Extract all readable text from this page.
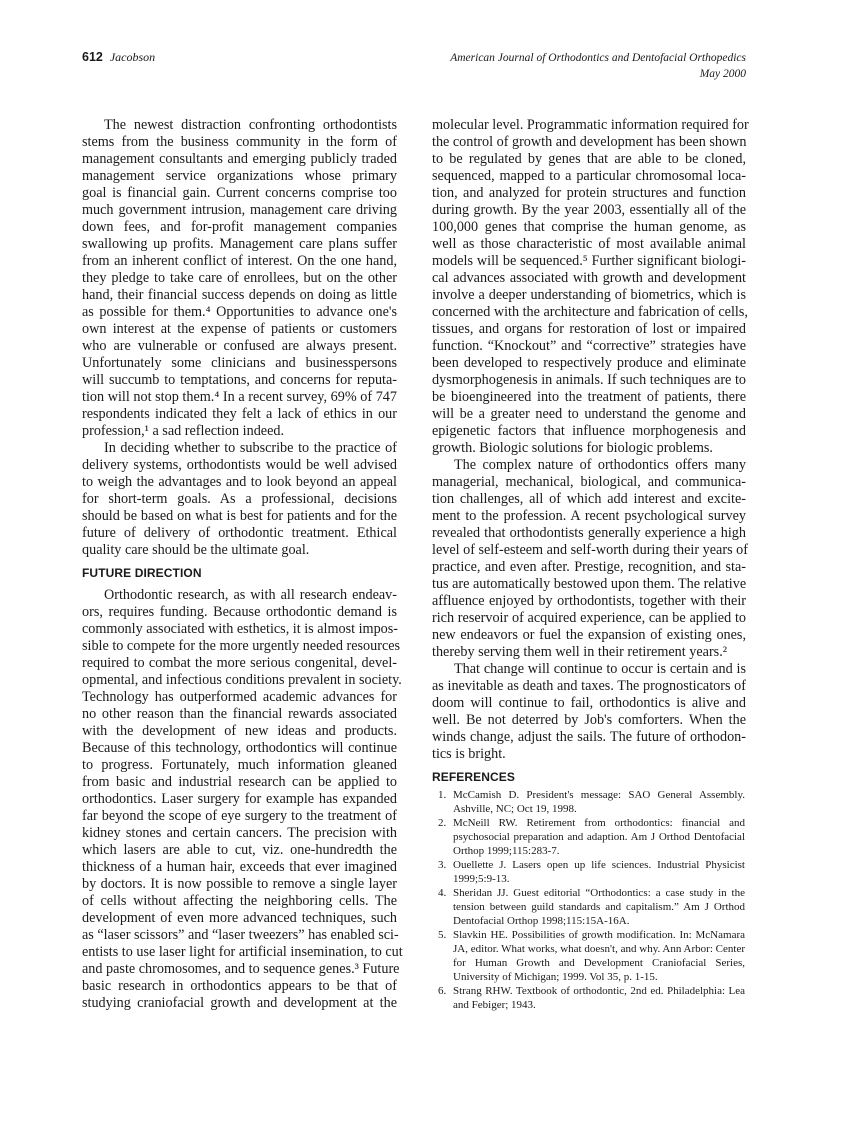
612 Jacobson	American Journal of Orthodontics and Dentofacial Orthopedics
May 2000
The newest distraction confronting orthodontists
stems from the business community in the form of
management consultants and emerging publicly traded
management service organizations whose primary
goal is financial gain. Current concerns comprise too
much government intrusion, management care driving
down fees, and for-profit management companies
swallowing up profits. Management care plans suffer
from an inherent conflict of interest. On the one hand,
they pledge to take care of enrollees, but on the other
hand, their financial success depends on doing as little
as possible for them.⁴ Opportunities to advance one's
own interest at the expense of patients or customers
who are vulnerable or confused are always present.
Unfortunately some clinicians and businesspersons
will succumb to temptations, and concerns for reputa-
tion will not stop them.⁴ In a recent survey, 69% of 747
respondents indicated they felt a lack of ethics in our
profession,¹ a sad reflection indeed.
In deciding whether to subscribe to the practice of
delivery systems, orthodontists would be well advised
to weigh the advantages and to look beyond an appeal
for short-term goals. As a professional, decisions
should be based on what is best for patients and for the
future of delivery of orthodontic treatment. Ethical
quality care should be the ultimate goal.
FUTURE DIRECTION
Orthodontic research, as with all research endeav-
ors, requires funding. Because orthodontic demand is
commonly associated with esthetics, it is almost impos-
sible to compete for the more urgently needed resources
required to combat the more serious congenital, devel-
opmental, and infectious conditions prevalent in society.
Technology has outperformed academic advances for
no other reason than the financial rewards associated
with the development of new ideas and products.
Because of this technology, orthodontics will continue
to progress. Fortunately, much information gleaned
from basic and industrial research can be applied to
orthodontics. Laser surgery for example has expanded
far beyond the scope of eye surgery to the treatment of
kidney stones and certain cancers. The precision with
which lasers are able to cut, viz. one-hundredth the
thickness of a human hair, exceeds that ever imagined
by doctors. It is now possible to remove a single layer
of cells without affecting the neighboring cells. The
development of even more advanced techniques, such
as “laser scissors” and “laser tweezers” has enabled sci-
entists to use laser light for artificial insemination, to cut
and paste chromosomes, and to sequence genes.³ Future
basic research in orthodontics appears to be that of
studying craniofacial growth and development at the
molecular level. Programmatic information required for
the control of growth and development has been shown
to be regulated by genes that are able to be cloned,
sequenced, mapped to a particular chromosomal loca-
tion, and analyzed for protein structures and function
during growth. By the year 2003, essentially all of the
100,000 genes that comprise the human genome, as
well as those characteristic of most available animal
models will be sequenced.⁵ Further significant biologi-
cal advances associated with growth and development
involve a deeper understanding of biometrics, which is
concerned with the architecture and fabrication of cells,
tissues, and organs for restoration of lost or impaired
function. “Knockout” and “corrective” strategies have
been developed to respectively produce and eliminate
dysmorphogenesis in animals. If such techniques are to
be bioengineered into the treatment of patients, there
will be a greater need to understand the genome and
epigenetic factors that influence morphogenesis and
growth. Biologic solutions for biologic problems.
The complex nature of orthodontics offers many
managerial, mechanical, biological, and communica-
tion challenges, all of which add interest and excite-
ment to the profession. A recent psychological survey
revealed that orthodontists generally experience a high
level of self-esteem and self-worth during their years of
practice, and even after. Prestige, recognition, and sta-
tus are automatically bestowed upon them. The relative
affluence enjoyed by orthodontists, together with their
rich reservoir of acquired experience, can be applied to
new endeavors or fuel the expansion of existing ones,
thereby serving them well in their retirement years.²
That change will continue to occur is certain and is
as inevitable as death and taxes. The prognosticators of
doom will continue to fail, orthodontics is alive and
well. Be not deterred by Job's comforters. When the
winds change, adjust the sails. The future of orthodon-
tics is bright.
REFERENCES
1. McCamish D. President's message: SAO General Assembly. Ashville, NC; Oct 19, 1998.
2. McNeill RW. Retirement from orthodontics: financial and psychosocial preparation and adaption. Am J Orthod Dentofacial Orthop 1999;115:283-7.
3. Ouellette J. Lasers open up life sciences. Industrial Physicist 1999;5:9-13.
4. Sheridan JJ. Guest editorial “Orthodontics: a case study in the tension between guild standards and capitalism.” Am J Orthod Dentofacial Orthop 1998;115:15A-16A.
5. Slavkin HE. Possibilities of growth modification. In: McNamara JA, editor. What works, what doesn't, and why. Ann Arbor: Center for Human Growth and Development Craniofacial Series, University of Michigan; 1999. Vol 35, p. 1-15.
6. Strang RHW. Textbook of orthodontic, 2nd ed. Philadelphia: Lea and Febiger; 1943.
